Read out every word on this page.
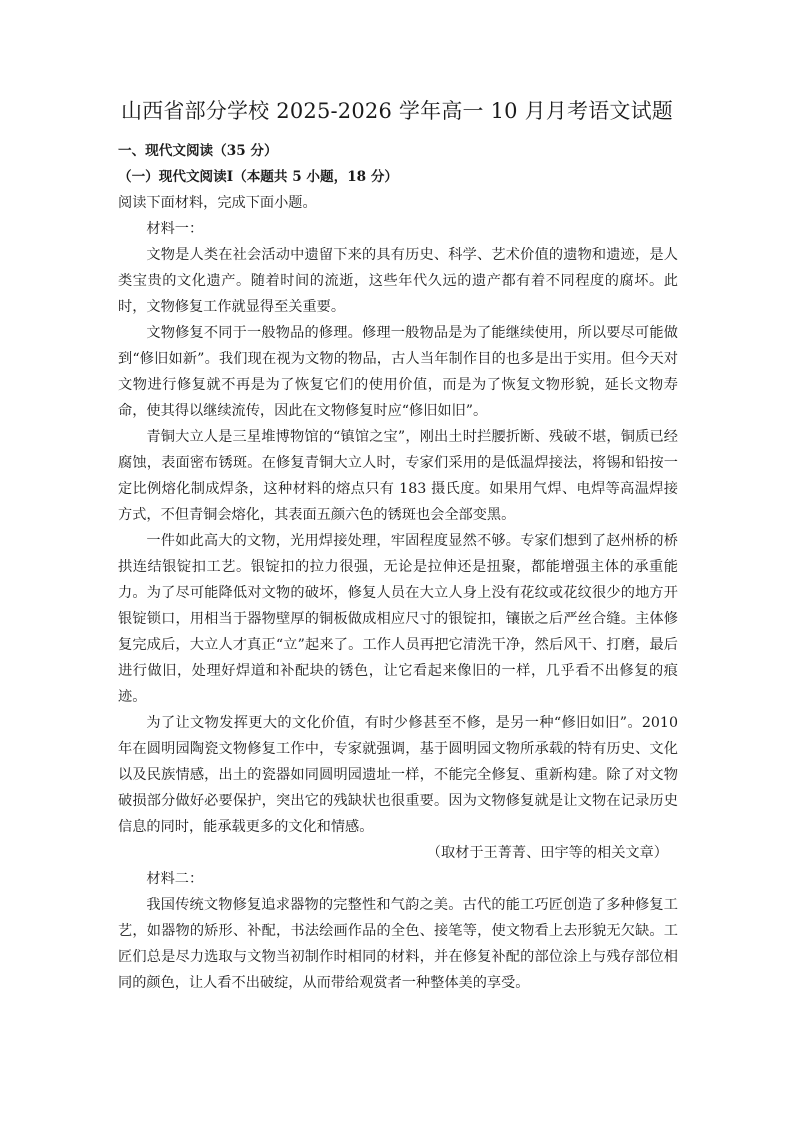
山西省部分学校 2025-2026 学年高一 10 月月考语文试题

一、现代文阅读（35 分）

（一）现代文阅读Ⅰ（本题共 5 小题，18 分）

阅读下面材料，完成下面小题。

材料一：

文物是人类在社会活动中遗留下来的具有历史、科学、艺术价值的遗物和遗迹，是人类宝贵的文化遗产。随着时间的流逝，这些年代久远的遗产都有着不同程度的腐坏。此时，文物修复工作就显得至关重要。

文物修复不同于一般物品的修理。修理一般物品是为了能继续使用，所以要尽可能做到“修旧如新”。我们现在视为文物的物品，古人当年制作目的也多是出于实用。但今天对文物进行修复就不再是为了恢复它们的使用价值，而是为了恢复文物形貌，延长文物寿命，使其得以继续流传，因此在文物修复时应“修旧如旧”。

青铜大立人是三星堆博物馆的“镇馆之宝”，刚出土时拦腰折断、残破不堪，铜质已经腐蚀，表面密布锈斑。在修复青铜大立人时，专家们采用的是低温焊接法，将锡和铅按一定比例熔化制成焊条，这种材料的熔点只有 183 摄氏度。如果用气焊、电焊等高温焊接方式，不但青铜会熔化，其表面五颜六色的锈斑也会全部变黑。

一件如此高大的文物，光用焊接处理，牢固程度显然不够。专家们想到了赵州桥的桥拱连结银锭扣工艺。银锭扣的拉力很强，无论是拉伸还是扭聚，都能增强主体的承重能力。为了尽可能降低对文物的破坏，修复人员在大立人身上没有花纹或花纹很少的地方开银锭锁口，用相当于器物壁厚的铜板做成相应尺寸的银锭扣，镶嵌之后严丝合缝。主体修复完成后，大立人才真正“立”起来了。工作人员再把它清洗干净，然后风干、打磨，最后进行做旧，处理好焊道和补配块的锈色，让它看起来像旧的一样，几乎看不出修复的痕迹。

为了让文物发挥更大的文化价值，有时少修甚至不修，是另一种“修旧如旧”。2010 年在圆明园陶瓷文物修复工作中，专家就强调，基于圆明园文物所承载的特有历史、文化以及民族情感，出土的瓷器如同圆明园遗址一样，不能完全修复、重新构建。除了对文物破损部分做好必要保护，突出它的残缺状也很重要。因为文物修复就是让文物在记录历史信息的同时，能承载更多的文化和情感。

（取材于王菁菁、田宇等的相关文章）

材料二：

我国传统文物修复追求器物的完整性和气韵之美。古代的能工巧匠创造了多种修复工艺，如器物的矫形、补配，书法绘画作品的全色、接笔等，使文物看上去形貌无欠缺。工匠们总是尽力选取与文物当初制作时相同的材料，并在修复补配的部位涂上与残存部位相同的颜色，让人看不出破绽，从而带给观赏者一种整体美的享受。
